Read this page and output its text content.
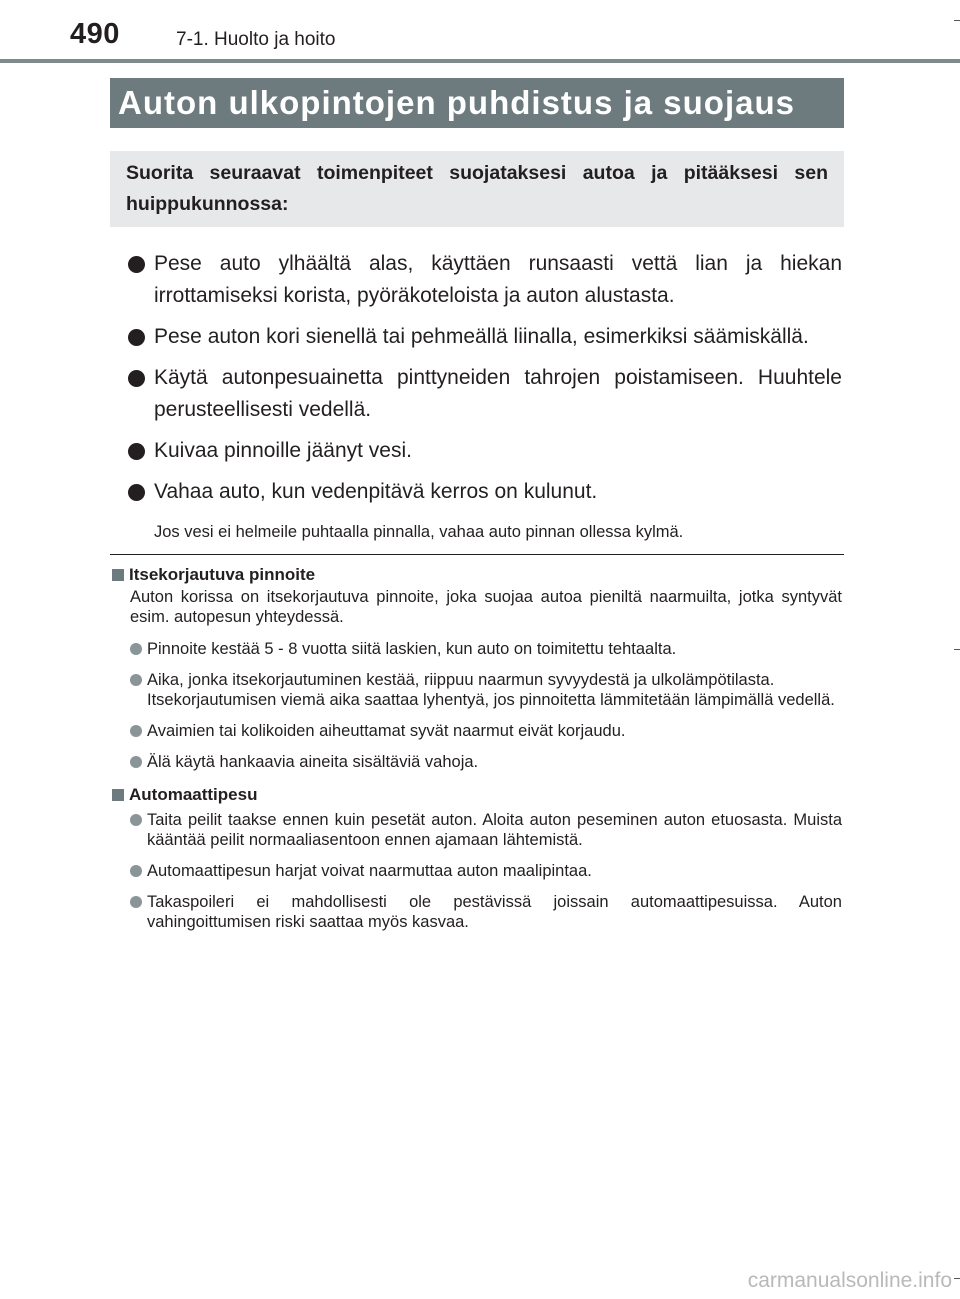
490	7-1. Huolto ja hoito
Auton ulkopintojen puhdistus ja suojaus
Suorita seuraavat toimenpiteet suojataksesi autoa ja pitääksesi sen huippukunnossa:
Pese auto ylhäältä alas, käyttäen runsaasti vettä lian ja hiekan irrottamiseksi korista, pyöräkoteloista ja auton alustasta.
Pese auton kori sienellä tai pehmeällä liinalla, esimerkiksi säämiskällä.
Käytä autonpesuainetta pinttyneiden tahrojen poistamiseen. Huuhtele perusteellisesti vedellä.
Kuivaa pinnoille jäänyt vesi.
Vahaa auto, kun vedenpitävä kerros on kulunut.
Jos vesi ei helmeile puhtaalla pinnalla, vahaa auto pinnan ollessa kylmä.
Itsekorjautuva pinnoite
Auton korissa on itsekorjautuva pinnoite, joka suojaa autoa pieniltä naarmuilta, jotka syntyvät esim. autopesun yhteydessä.
Pinnoite kestää 5 - 8 vuotta siitä laskien, kun auto on toimitettu tehtaalta.
Aika, jonka itsekorjautuminen kestää, riippuu naarmun syvyydestä ja ulkolämpötilasta.
Itsekorjautumisen viemä aika saattaa lyhentyä, jos pinnoitetta lämmitetään lämpimällä vedellä.
Avaimien tai kolikoiden aiheuttamat syvät naarmut eivät korjaudu.
Älä käytä hankaavia aineita sisältäviä vahoja.
Automaattipesu
Taita peilit taakse ennen kuin pesetät auton. Aloita auton peseminen auton etuosasta. Muista kääntää peilit normaaliasentoon ennen ajamaan lähtemistä.
Automaattipesun harjat voivat naarmuttaa auton maalipintaa.
Takaspoileri ei mahdollisesti ole pestävissä joissain automaattipesuissa. Auton vahingoittumisen riski saattaa myös kasvaa.
carmanualsonline.info
